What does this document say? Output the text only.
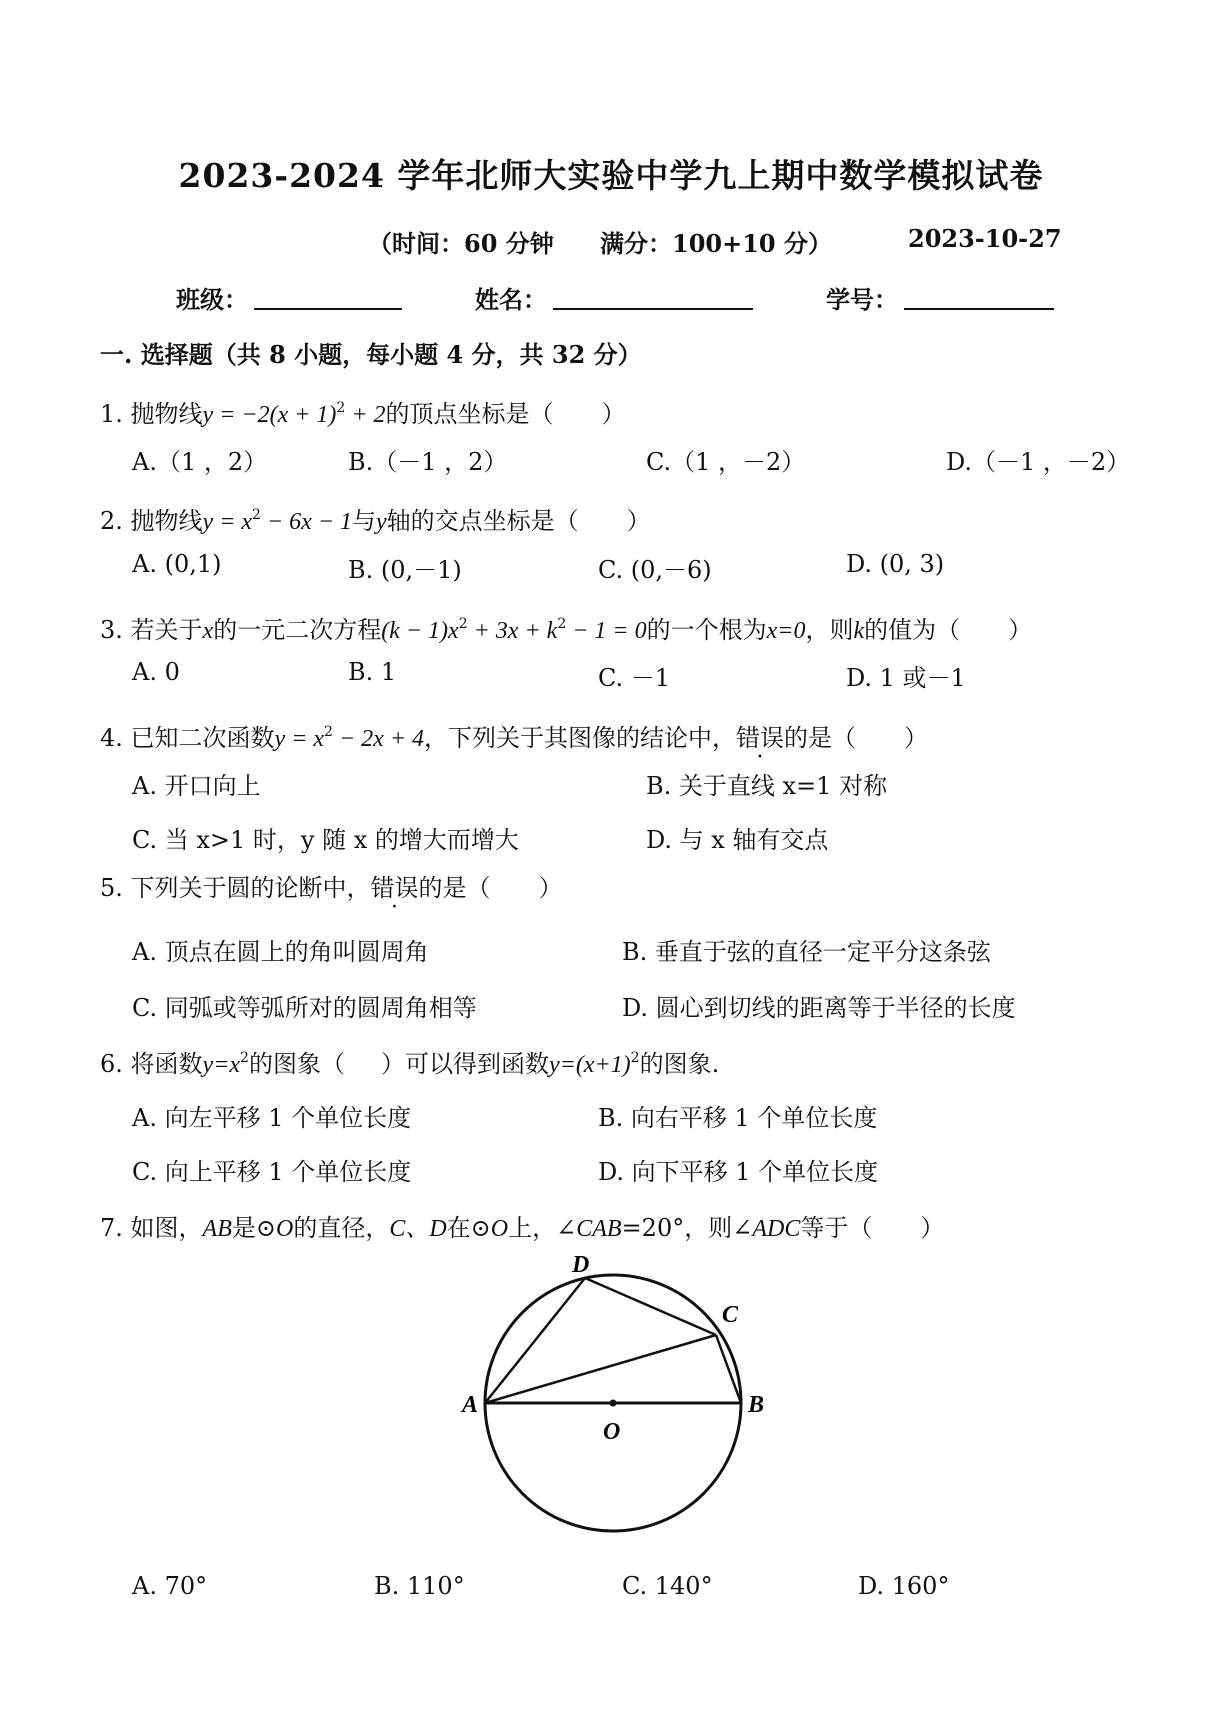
2023-2024 学年北师大实验中学九上期中数学模拟试卷
（时间：60 分钟 满分：100+10 分）	2023-10-27
班级：	姓名：	学号：
一. 选择题（共 8 小题，每小题 4 分，共 32 分）
1. 抛物线$y = -2(x + 1)^2 + 2$的顶点坐标是（ ）
A.（1 ，2）	B.（－1 ，2）	C.（1 ，－2）	D.（－1 ，－2）
2. 抛物线$y = x^2 - 6x - 1$与y轴的交点坐标是（ ）
A. (0,1)	B. (0,－1)	C. (0,－6)	D. (0, 3)
3. 若关于x的一元二次方程$(k - 1)x^2 + 3x + k^2 - 1 = 0$的一个根为x=0，则k的值为（ ）
A. 0	B. 1	C. －1	D. 1 或－1
4. 已知二次函数$y = x^2 - 2x + 4$，下列关于其图像的结论中，错误的是（ ）
A. 开口向上	B. 关于直线 x=1 对称
C. 当 x>1 时，y 随 x 的增大而增大	D. 与 x 轴有交点
5. 下列关于圆的论断中，错误的是（ ）
A. 顶点在圆上的角叫圆周角	B. 垂直于弦的直径一定平分这条弦
C. 同弧或等弧所对的圆周角相等	D. 圆心到切线的距离等于半径的长度
6. 将函数$y=x^2$的图象（ ）可以得到函数$y=(x+1)^2$的图象.
A. 向左平移 1 个单位长度	B. 向右平移 1 个单位长度
C. 向上平移 1 个单位长度	D. 向下平移 1 个单位长度
7. 如图，AB是⊙O的直径，C、D在⊙O上，∠CAB=20°，则∠ADC等于（ ）
A	B
C
D
O
A. 70°	B. 110°	C. 140°	D. 160°
